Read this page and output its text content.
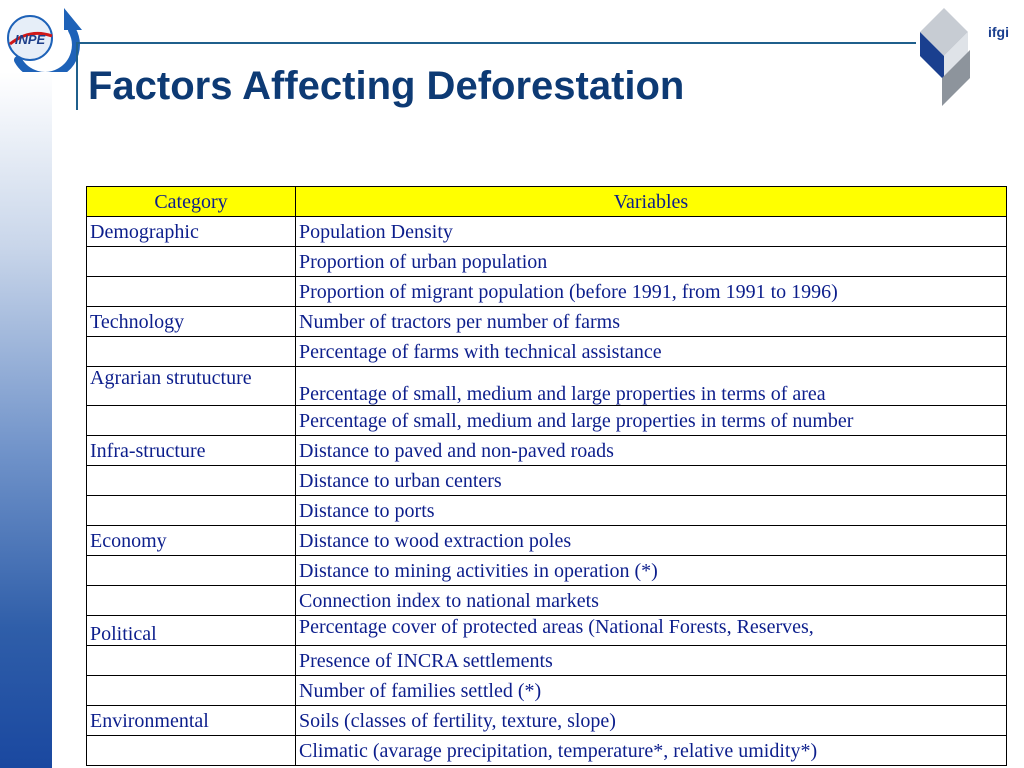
INPE	ifgi
Factors Affecting Deforestation
Category	Variables
Demographic	Population Density
	Proportion of urban population
	Proportion of migrant population (before 1991, from 1991 to 1996)
Technology	Number of tractors per number of farms
	Percentage of farms with technical assistance
Agrarian strutucture	Percentage of small, medium and large properties in terms of area
	Percentage of small, medium and large properties in terms of number
Infra-structure	Distance to paved and non-paved roads
	Distance to urban centers
	Distance to ports
Economy	Distance to wood extraction poles
	Distance to mining activities in operation (*)
	Connection index to national markets
Political	Percentage cover of protected areas (National Forests, Reserves,
	Presence of INCRA settlements
	Number of families settled (*)
Environmental	Soils (classes of fertility, texture, slope)
	Climatic (avarage precipitation, temperature*, relative umidity*)
